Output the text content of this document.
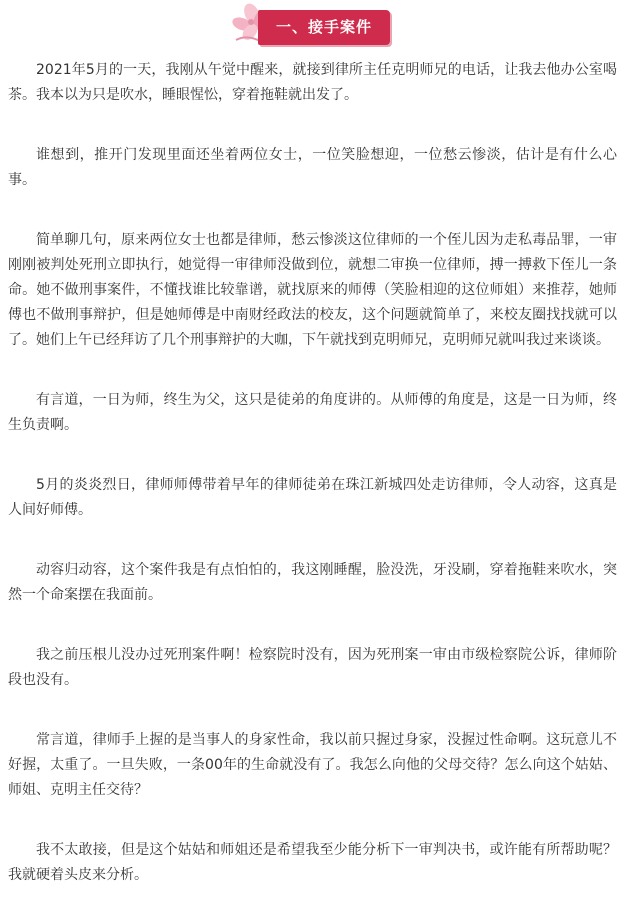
一、接手案件

2021年5月的一天，我刚从午觉中醒来，就接到律所主任克明师兄的电话，让我去他办公室喝茶。我本以为只是吹水，睡眼惺忪，穿着拖鞋就出发了。

谁想到，推开门发现里面还坐着两位女士，一位笑脸想迎，一位愁云惨淡，估计是有什么心事。

简单聊几句，原来两位女士也都是律师，愁云惨淡这位律师的一个侄儿因为走私毒品罪，一审刚刚被判处死刑立即执行，她觉得一审律师没做到位，就想二审换一位律师，搏一搏救下侄儿一条命。她不做刑事案件，不懂找谁比较靠谱，就找原来的师傅（笑脸相迎的这位师姐）来推荐，她师傅也不做刑事辩护，但是她师傅是中南财经政法的校友，这个问题就简单了，来校友圈找找就可以了。她们上午已经拜访了几个刑事辩护的大咖，下午就找到克明师兄，克明师兄就叫我过来谈谈。

有言道，一日为师，终生为父，这只是徒弟的角度讲的。从师傅的角度是，这是一日为师，终生负责啊。

5月的炎炎烈日，律师师傅带着早年的律师徒弟在珠江新城四处走访律师，令人动容，这真是人间好师傅。

动容归动容，这个案件我是有点怕怕的，我这刚睡醒，脸没洗，牙没刷，穿着拖鞋来吹水，突然一个命案摆在我面前。

我之前压根儿没办过死刑案件啊！检察院时没有，因为死刑案一审由市级检察院公诉，律师阶段也没有。

常言道，律师手上握的是当事人的身家性命，我以前只握过身家，没握过性命啊。这玩意儿不好握，太重了。一旦失败，一条00年的生命就没有了。我怎么向他的父母交待？怎么向这个姑姑、师姐、克明主任交待？

我不太敢接，但是这个姑姑和师姐还是希望我至少能分析下一审判决书，或许能有所帮助呢？我就硬着头皮来分析。
